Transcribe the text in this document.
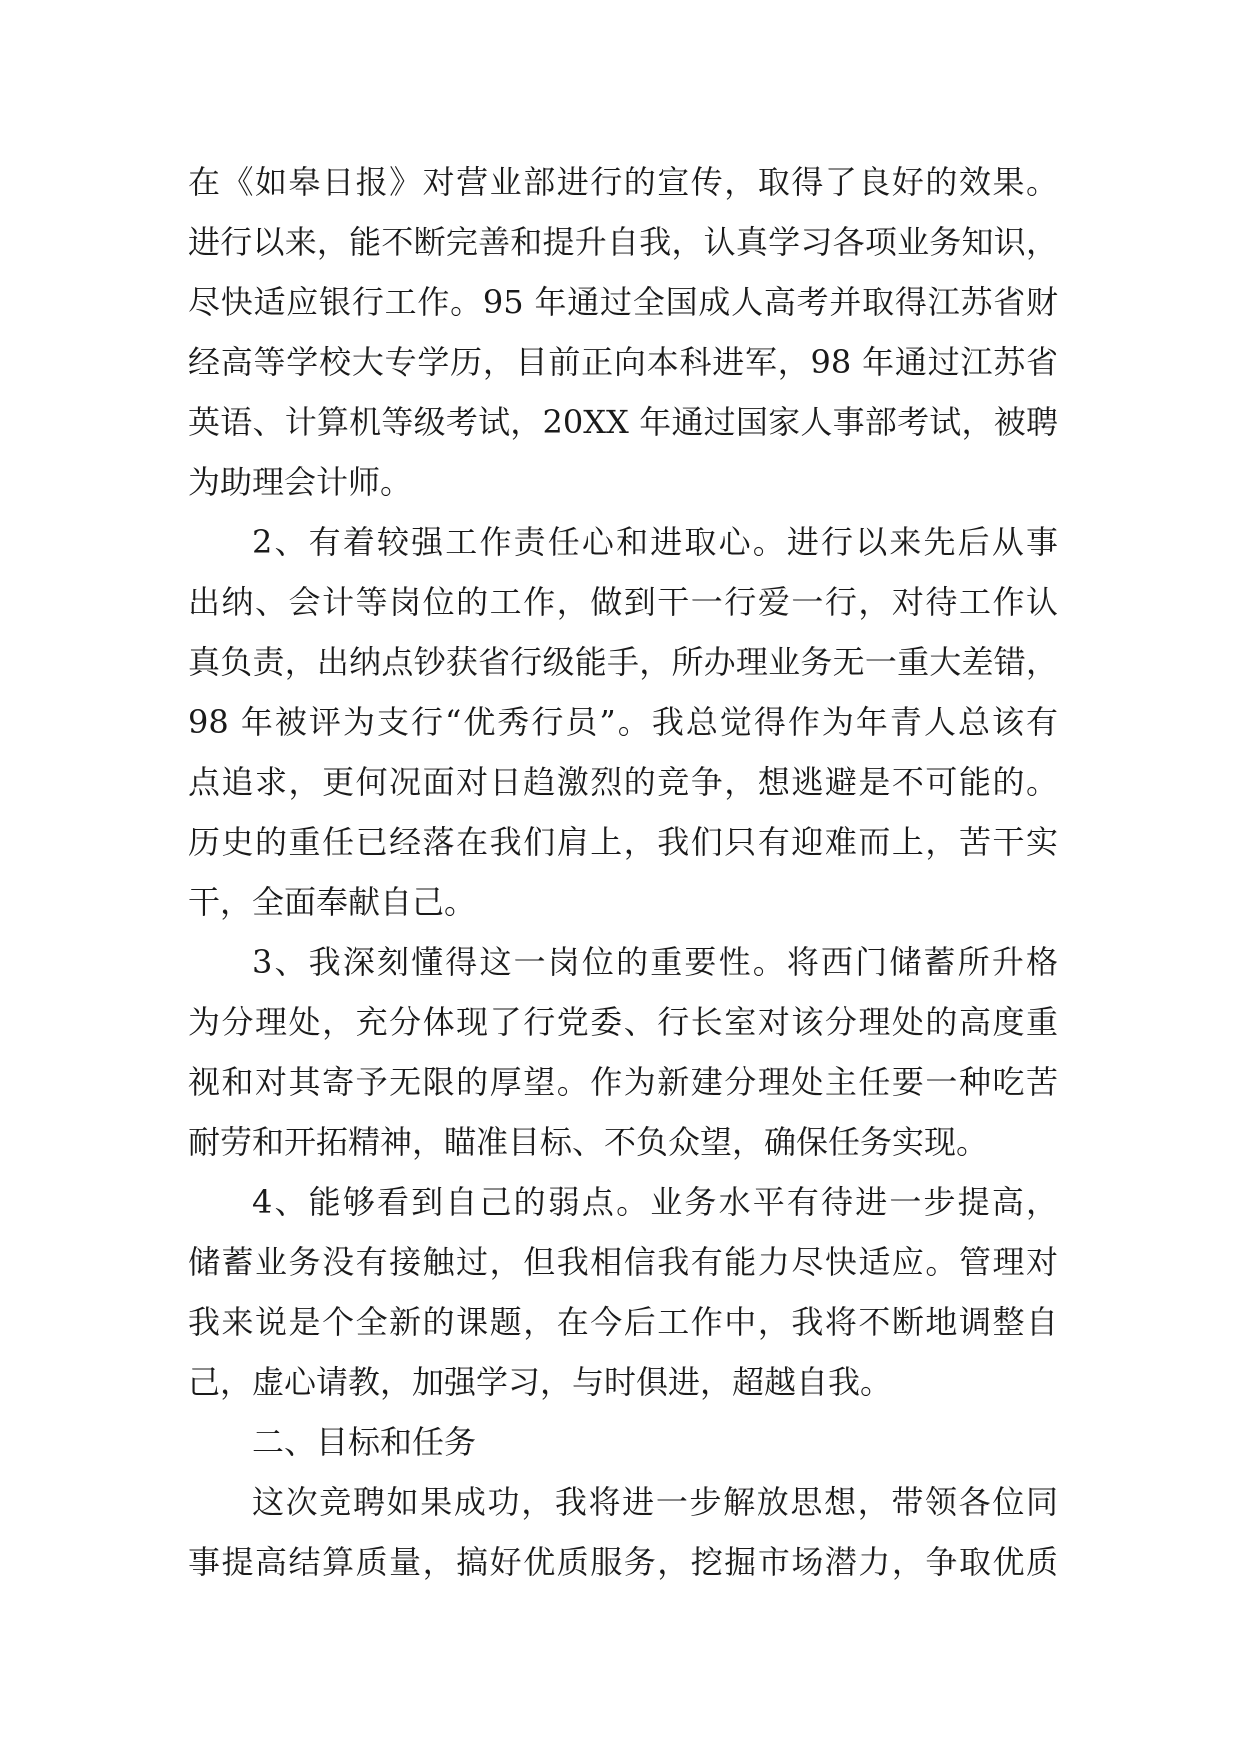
在《如皋日报》对营业部进行的宣传，取得了良好的效果。
进行以来，能不断完善和提升自我，认真学习各项业务知识，
尽快适应银行工作。95 年通过全国成人高考并取得江苏省财
经高等学校大专学历，目前正向本科进军，98 年通过江苏省
英语、计算机等级考试，20XX 年通过国家人事部考试，被聘
为助理会计师。
2、有着较强工作责任心和进取心。进行以来先后从事
出纳、会计等岗位的工作，做到干一行爱一行，对待工作认
真负责，出纳点钞获省行级能手，所办理业务无一重大差错，
98 年被评为支行“优秀行员”。我总觉得作为年青人总该有
点追求，更何况面对日趋激烈的竞争，想逃避是不可能的。
历史的重任已经落在我们肩上，我们只有迎难而上，苦干实
干，全面奉献自己。
3、我深刻懂得这一岗位的重要性。将西门储蓄所升格
为分理处，充分体现了行党委、行长室对该分理处的高度重
视和对其寄予无限的厚望。作为新建分理处主任要一种吃苦
耐劳和开拓精神，瞄准目标、不负众望，确保任务实现。
4、能够看到自己的弱点。业务水平有待进一步提高，
储蓄业务没有接触过，但我相信我有能力尽快适应。管理对
我来说是个全新的课题，在今后工作中，我将不断地调整自
己，虚心请教，加强学习，与时俱进，超越自我。
二、目标和任务
这次竞聘如果成功，我将进一步解放思想，带领各位同
事提高结算质量，搞好优质服务，挖掘市场潜力，争取优质
